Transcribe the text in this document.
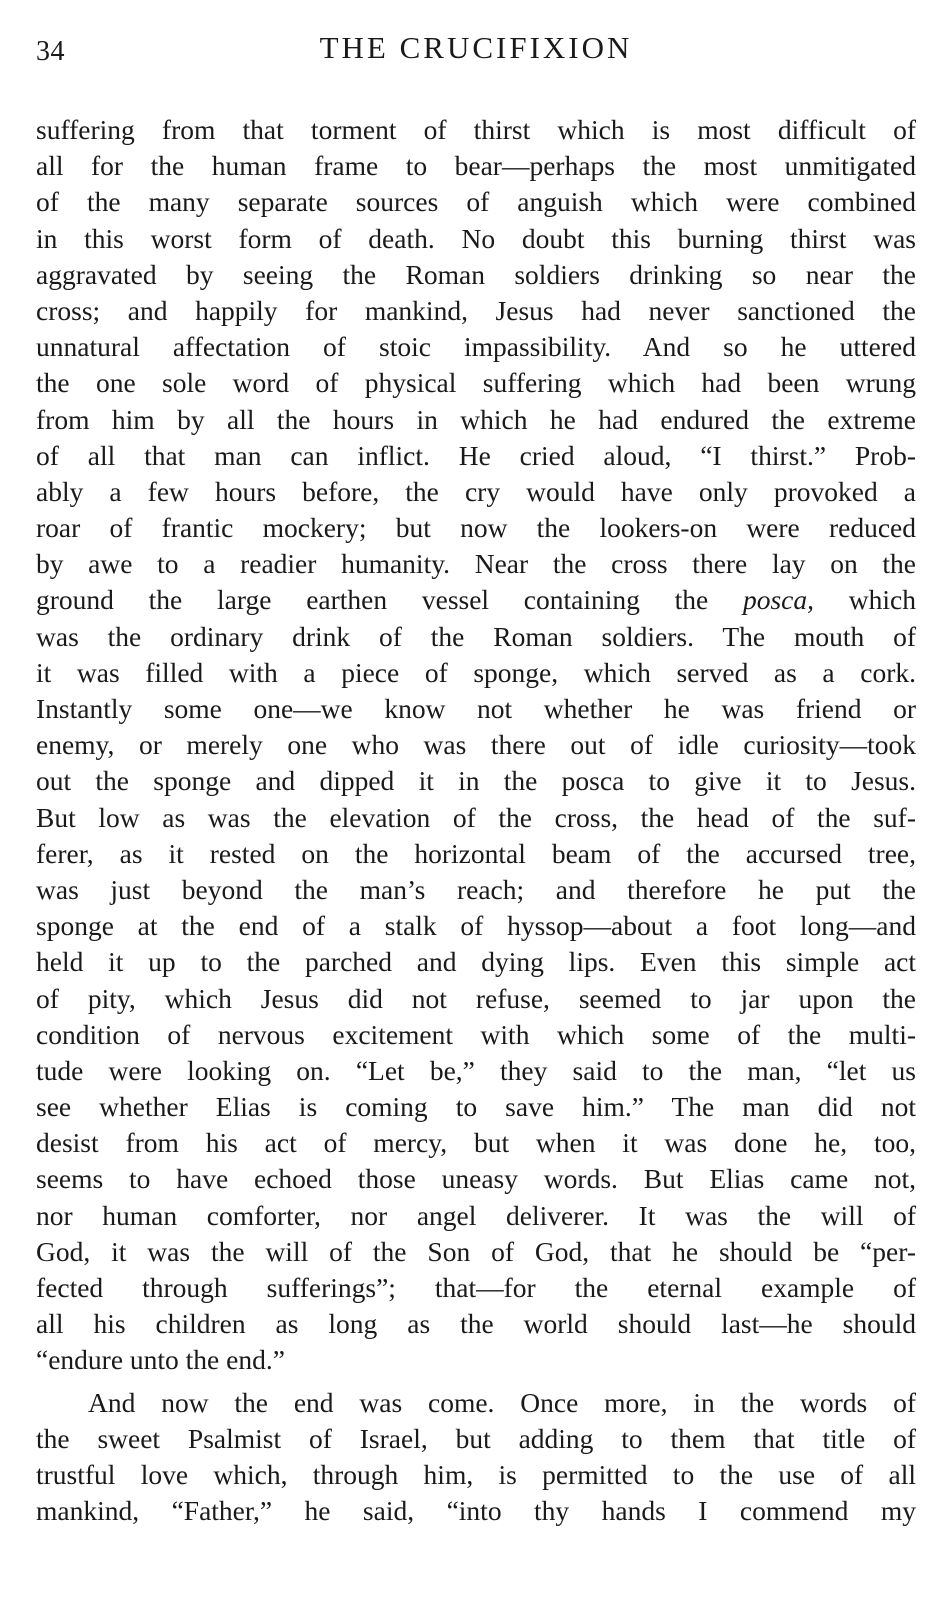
34	THE CRUCIFIXION
suffering from that torment of thirst which is most difficult of
all for the human frame to bear—perhaps the most unmitigated
of the many separate sources of anguish which were combined
in this worst form of death. No doubt this burning thirst was
aggravated by seeing the Roman soldiers drinking so near the
cross; and happily for mankind, Jesus had never sanctioned the
unnatural affectation of stoic impassibility. And so he uttered
the one sole word of physical suffering which had been wrung
from him by all the hours in which he had endured the extreme
of all that man can inflict. He cried aloud, “I thirst.” Prob-
ably a few hours before, the cry would have only provoked a
roar of frantic mockery; but now the lookers-on were reduced
by awe to a readier humanity. Near the cross there lay on the
ground the large earthen vessel containing the posca, which
was the ordinary drink of the Roman soldiers. The mouth of
it was filled with a piece of sponge, which served as a cork.
Instantly some one—we know not whether he was friend or
enemy, or merely one who was there out of idle curiosity—took
out the sponge and dipped it in the posca to give it to Jesus.
But low as was the elevation of the cross, the head of the suf-
ferer, as it rested on the horizontal beam of the accursed tree,
was just beyond the man’s reach; and therefore he put the
sponge at the end of a stalk of hyssop—about a foot long—and
held it up to the parched and dying lips. Even this simple act
of pity, which Jesus did not refuse, seemed to jar upon the
condition of nervous excitement with which some of the multi-
tude were looking on. “Let be,” they said to the man, “let us
see whether Elias is coming to save him.” The man did not
desist from his act of mercy, but when it was done he, too,
seems to have echoed those uneasy words. But Elias came not,
nor human comforter, nor angel deliverer. It was the will of
God, it was the will of the Son of God, that he should be “per-
fected through sufferings”; that—for the eternal example of
all his children as long as the world should last—he should
“endure unto the end.”
And now the end was come. Once more, in the words of
the sweet Psalmist of Israel, but adding to them that title of
trustful love which, through him, is permitted to the use of all
mankind, “Father,” he said, “into thy hands I commend my
